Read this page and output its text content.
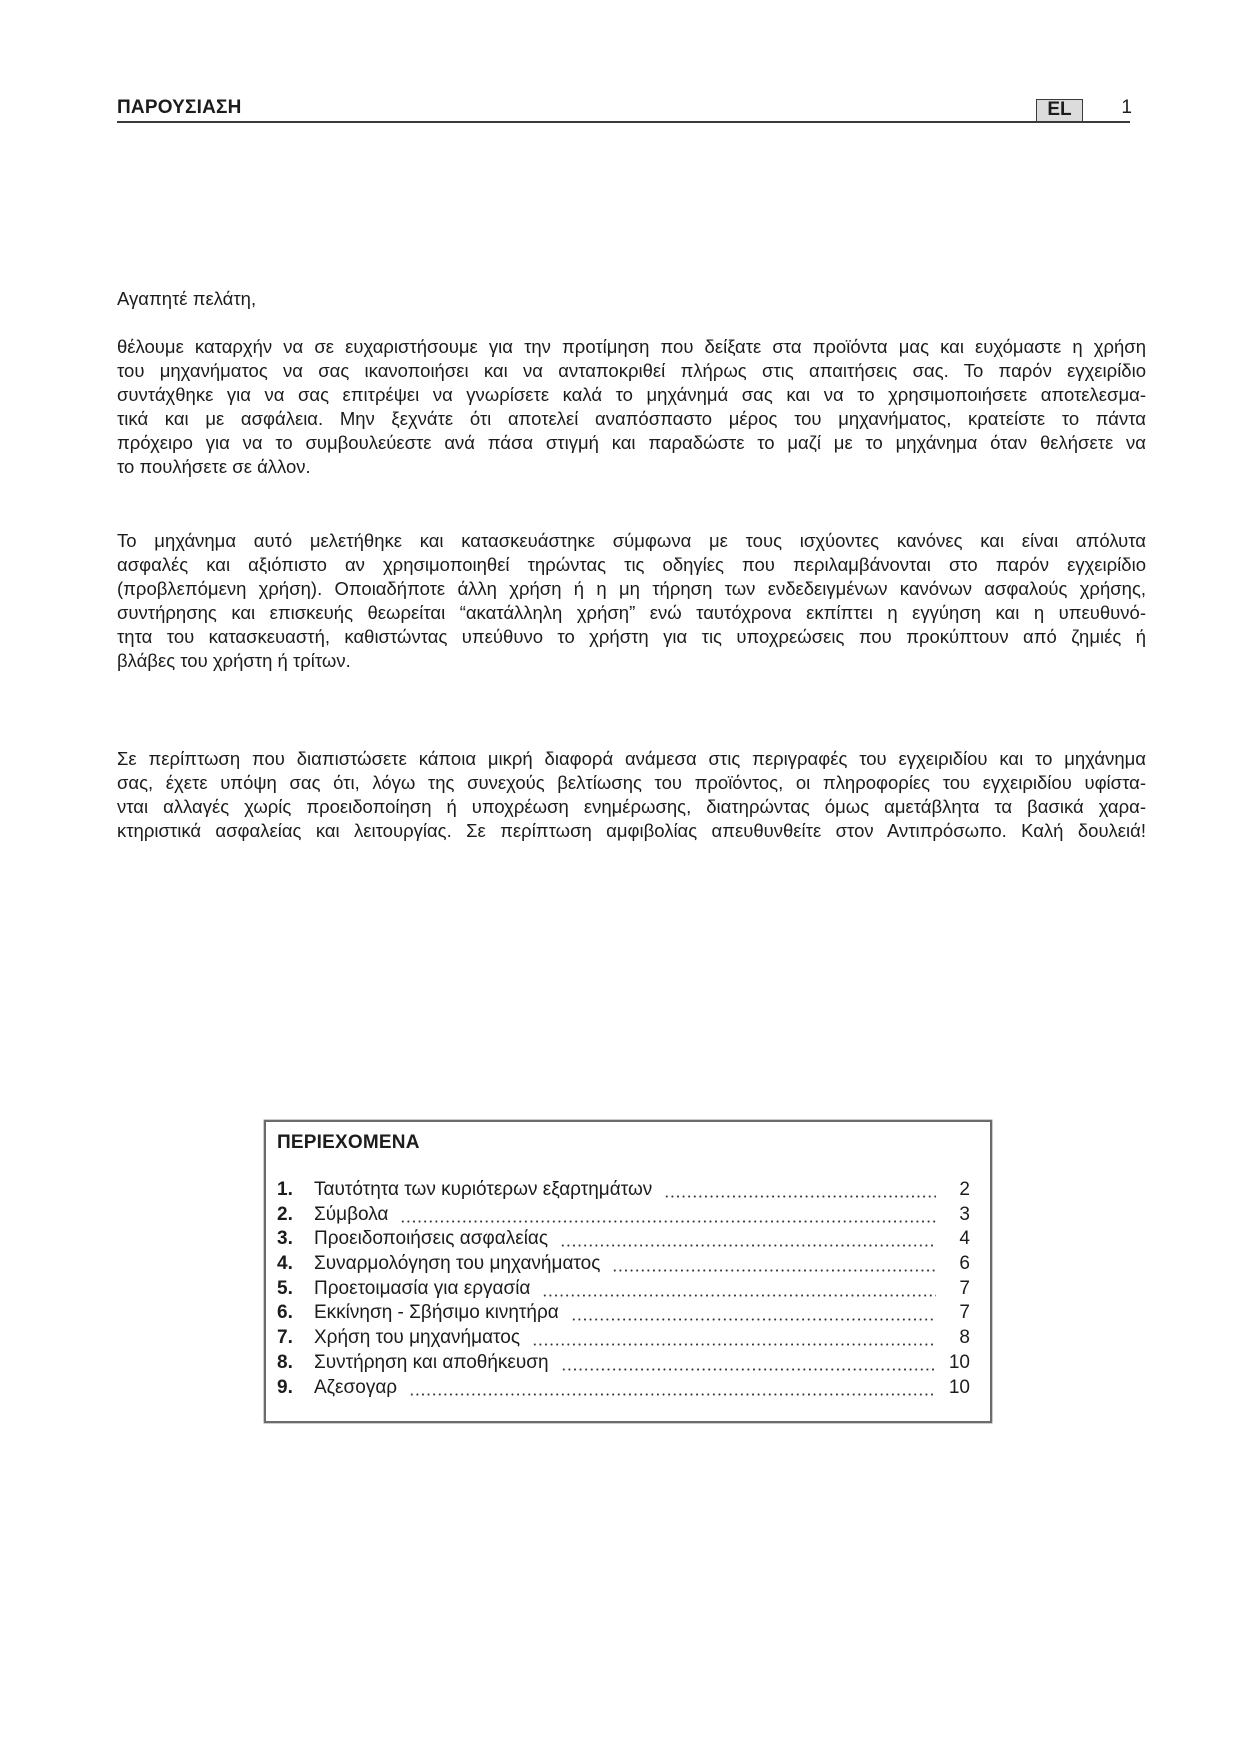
ΠΑΡΟΥΣΙΑΣΗ	EL	1
Αγαπητέ πελάτη,
θέλουμε καταρχήν να σε ευχαριστήσουμε για την προτίμηση που δείξατε στα προϊόντα μας και ευχόμαστε η χρήση
του μηχανήματος να σας ικανοποιήσει και να ανταποκριθεί πλήρως στις απαιτήσεις σας. Το παρόν εγχειρίδιο
συντάχθηκε για να σας επιτρέψει να γνωρίσετε καλά το μηχάνημά σας και να το χρησιμοποιήσετε αποτελεσμα-
τικά και με ασφάλεια. Μην ξεχνάτε ότι αποτελεί αναπόσπαστο μέρος του μηχανήματος, κρατείστε το πάντα
πρόχειρο για να το συμβουλεύεστε ανά πάσα στιγμή και παραδώστε το μαζί με το μηχάνημα όταν θελήσετε να
το πουλήσετε σε άλλον.
Το μηχάνημα αυτό μελετήθηκε και κατασκευάστηκε σύμφωνα με τους ισχύοντες κανόνες και είναι απόλυτα
ασφαλές και αξιόπιστο αν χρησιμοποιηθεί τηρώντας τις οδηγίες που περιλαμβάνονται στο παρόν εγχειρίδιο
(προβλεπόμενη χρήση). Οποιαδήποτε άλλη χρήση ή η μη τήρηση των ενδεδειγμένων κανόνων ασφαλούς χρήσης,
συντήρησης και επισκευής θεωρείται “ακατάλληλη χρήση” ενώ ταυτόχρονα εκπίπτει η εγγύηση και η υπευθυνό-
τητα του κατασκευαστή, καθιστώντας υπεύθυνο το χρήστη για τις υποχρεώσεις που προκύπτουν από ζημιές ή
βλάβες του χρήστη ή τρίτων.
Σε περίπτωση που διαπιστώσετε κάποια μικρή διαφορά ανάμεσα στις περιγραφές του εγχειριδίου και το μηχάνημα
σας, έχετε υπόψη σας ότι, λόγω της συνεχούς βελτίωσης του προϊόντος, οι πληροφορίες του εγχειριδίου υφίστα-
νται αλλαγές χωρίς προειδοποίηση ή υποχρέωση ενημέρωσης, διατηρώντας όμως αμετάβλητα τα βασικά χαρα-
κτηριστικά ασφαλείας και λειτουργίας. Σε περίπτωση αμφιβολίας απευθυνθείτε στον Αντιπρόσωπο. Καλή δουλειά!
ΠΕΡΙΕΧΟΜΕΝΑ
1.	Ταυτότητα των κυριότερων εξαρτημάτων	2
2.	Σύμβολα	3
3.	Προειδοποιήσεις ασφαλείας	4
4.	Συναρμολόγηση του μηχανήματος	6
5.	Προετοιμασία για εργασία	7
6.	Εκκίνηση - Σβήσιμο κινητήρα	7
7.	Χρήση του μηχανήματος	8
8.	Συντήρηση και αποθήκευση	10
9.	Αζεσογαρ	10
